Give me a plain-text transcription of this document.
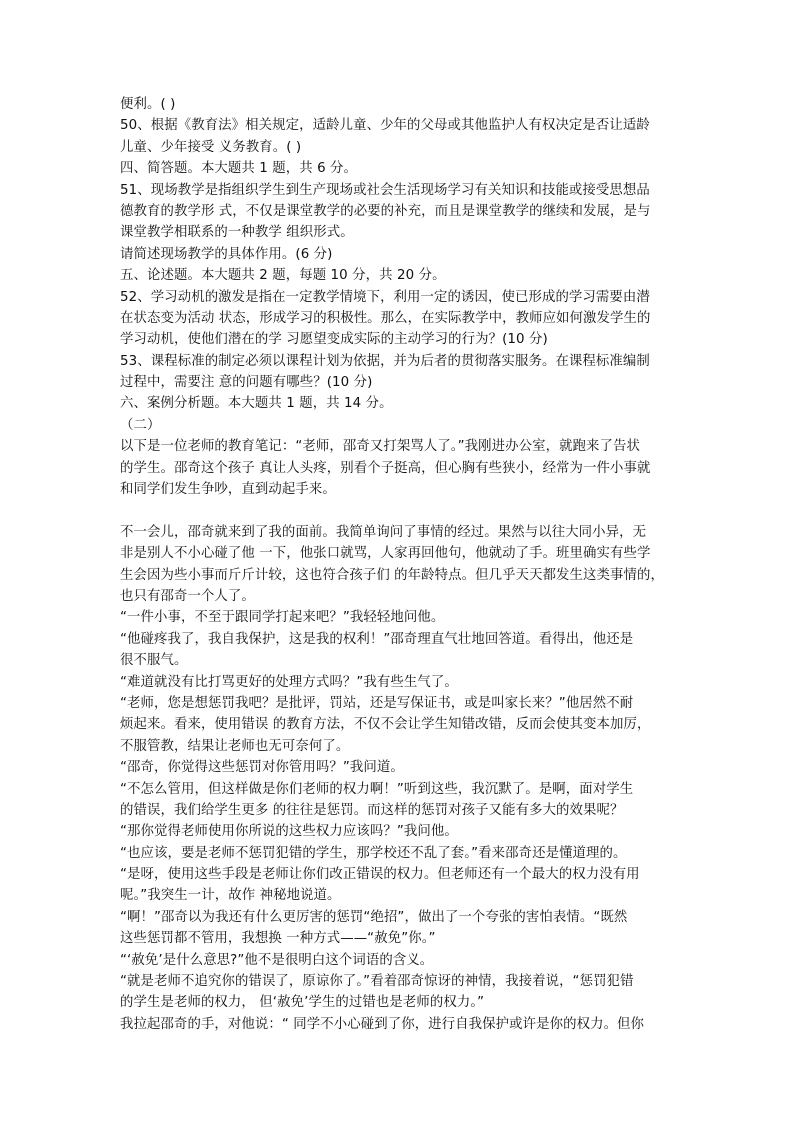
便利。( )
50、根据《教育法》相关规定，适龄儿童、少年的父母或其他监护人有权决定是否让适龄
儿童、少年接受 义务教育。( )
四、简答题。本大题共 1 题，共 6 分。
51、现场教学是指组织学生到生产现场或社会生活现场学习有关知识和技能或接受思想品
德教育的教学形 式，不仅是课堂教学的必要的补充，而且是课堂教学的继续和发展，是与
课堂教学相联系的一种教学 组织形式。
请简述现场教学的具体作用。(6 分)
五、论述题。本大题共 2 题，每题 10 分，共 20 分。
52、学习动机的激发是指在一定教学情境下，利用一定的诱因，使已形成的学习需要由潜
在状态变为活动 状态，形成学习的积极性。那么，在实际教学中，教师应如何激发学生的
学习动机，使他们潜在的学 习愿望变成实际的主动学习的行为？(10 分)
53、课程标准的制定必须以课程计划为依据，并为后者的贯彻落实服务。在课程标准编制
过程中，需要注 意的问题有哪些？(10 分)
六、案例分析题。本大题共 1 题，共 14 分。
（二）
以下是一位老师的教育笔记：“老师，邵奇又打架骂人了。”我刚进办公室，就跑来了告状
的学生。邵奇这个孩子 真让人头疼，别看个子挺高，但心胸有些狭小，经常为一件小事就
和同学们发生争吵，直到动起手来。
不一会儿，邵奇就来到了我的面前。我简单询问了事情的经过。果然与以往大同小异，无
非是别人不小心碰了他 一下，他张口就骂，人家再回他句，他就动了手。班里确实有些学
生会因为些小事而斤斤计较，这也符合孩子们 的年龄特点。但几乎天天都发生这类事情的，
也只有邵奇一个人了。
“一件小事，不至于跟同学打起来吧？”我轻轻地问他。
“他碰疼我了，我自我保护，这是我的权利！”邵奇理直气壮地回答道。看得出，他还是
很不服气。
“难道就没有比打骂更好的处理方式吗？”我有些生气了。
“老师，您是想惩罚我吧？是批评，罚站，还是写保证书，或是叫家长来？”他居然不耐
烦起来。看来，使用错误 的教育方法，不仅不会让学生知错改错，反而会使其变本加厉，
不服管教，结果让老师也无可奈何了。
“邵奇，你觉得这些惩罚对你管用吗？”我问道。
“不怎么管用，但这样做是你们老师的权力啊！”听到这些，我沉默了。是啊，面对学生
的错误，我们给学生更多 的往往是惩罚。而这样的惩罚对孩子又能有多大的效果呢？
“那你觉得老师使用你所说的这些权力应该吗？”我问他。
“也应该，要是老师不惩罚犯错的学生，那学校还不乱了套。”看来邵奇还是懂道理的。
“是呀，使用这些手段是老师让你们改正错误的权力。但老师还有一个最大的权力没有用
呢。”我突生一计，故作 神秘地说道。
“啊！”邵奇以为我还有什么更厉害的惩罚“绝招”，做出了一个夸张的害怕表情。“既然
这些惩罚都不管用，我想换 一种方式——“赦免”你。”
“‘赦免’是什么意思?”他不是很明白这个词语的含义。
“就是老师不追究你的错误了，原谅你了。”看着邵奇惊讶的神情，我接着说，“惩罚犯错
的学生是老师的权力， 但‘赦免’学生的过错也是老师的权力。”
我拉起邵奇的手，对他说：“ 同学不小心碰到了你，进行自我保护或许是你的权力。但你
